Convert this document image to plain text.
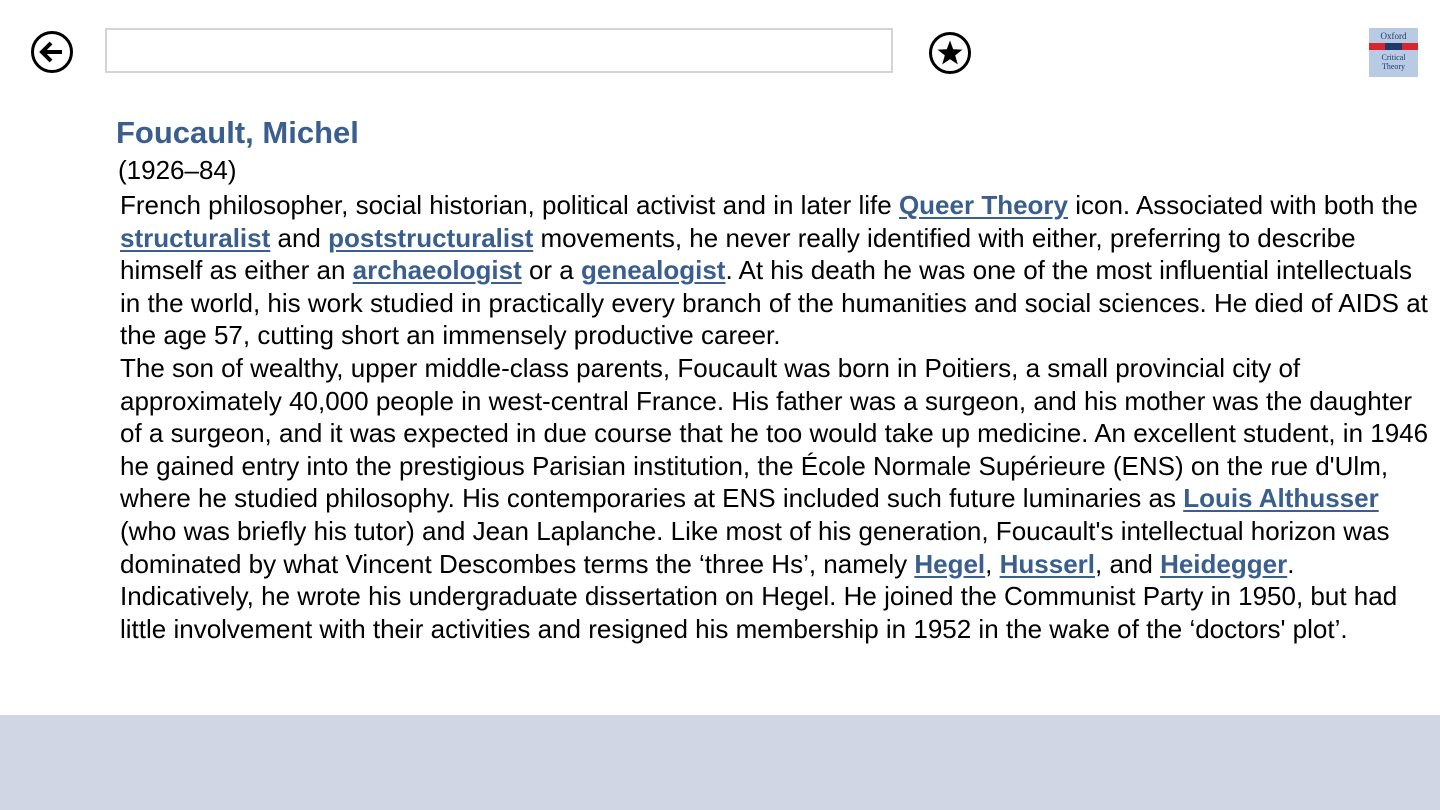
Oxford
Critical
Theory
Foucault, Michel
(1926–84)

French philosopher, social historian, political activist and in later life Queer Theory icon. Associated with both the structuralist and poststructuralist movements, he never really identified with either, preferring to describe himself as either an archaeologist or a genealogist. At his death he was one of the most influential intellectuals in the world, his work studied in practically every branch of the humanities and social sciences. He died of AIDS at the age 57, cutting short an immensely productive career.

The son of wealthy, upper middle-class parents, Foucault was born in Poitiers, a small provincial city of approximately 40,000 people in west-central France. His father was a surgeon, and his mother was the daughter of a surgeon, and it was expected in due course that he too would take up medicine. An excellent student, in 1946 he gained entry into the prestigious Parisian institution, the École Normale Supérieure (ENS) on the rue d'Ulm, where he studied philosophy. His contemporaries at ENS included such future luminaries as Louis Althusser (who was briefly his tutor) and Jean Laplanche. Like most of his generation, Foucault's intellectual horizon was dominated by what Vincent Descombes terms the ‘three Hs’, namely Hegel, Husserl, and Heidegger. Indicatively, he wrote his undergraduate dissertation on Hegel. He joined the Communist Party in 1950, but had little involvement with their activities and resigned his membership in 1952 in the wake of the ‘doctors' plot’.
